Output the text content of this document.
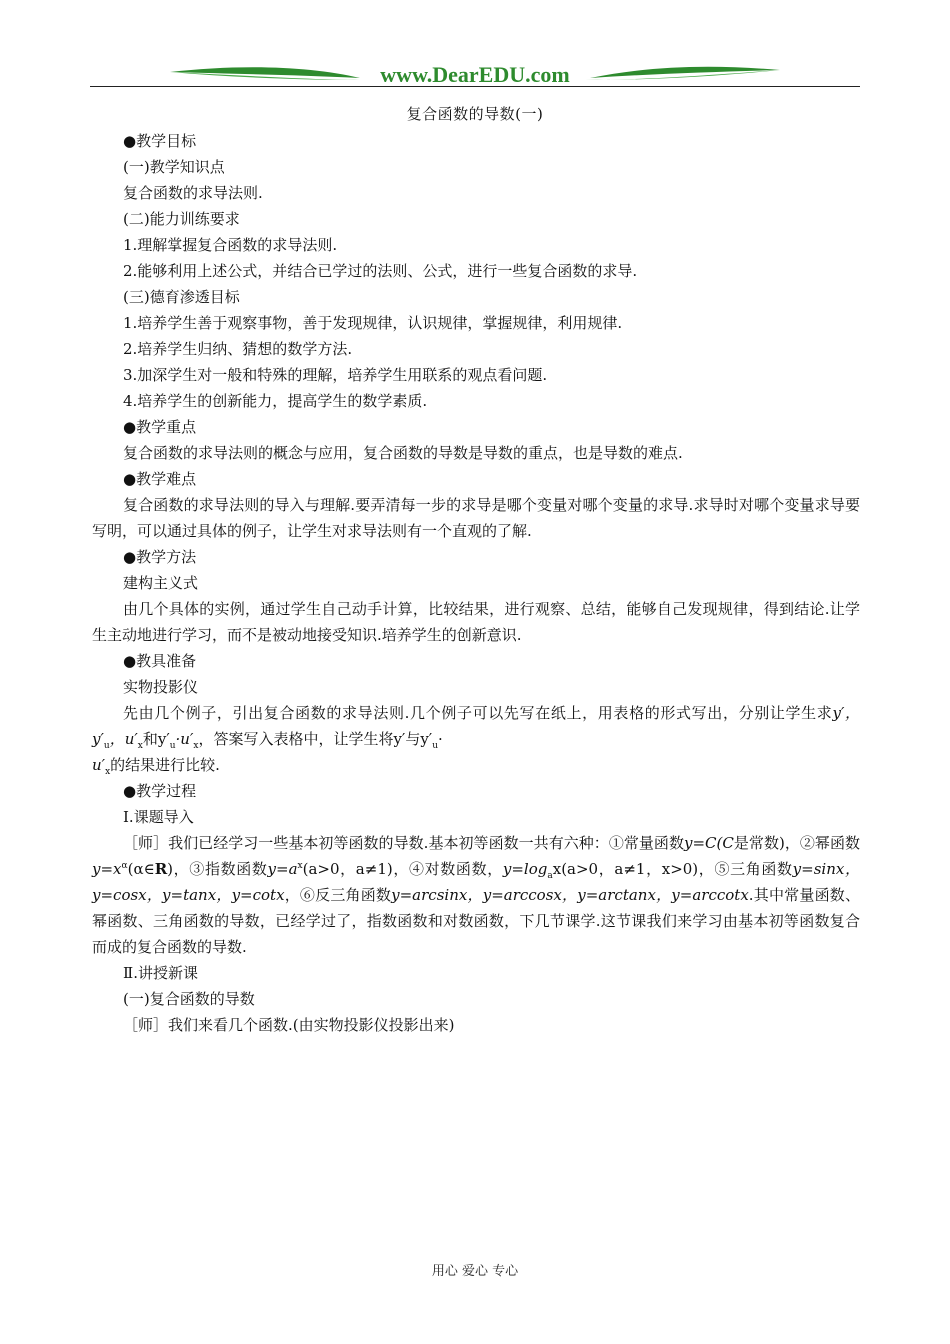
www.DearEDU.com
复合函数的导数(一)

● 教学目标

(一)教学知识点

复合函数的求导法则.

(二)能力训练要求

1.理解掌握复合函数的求导法则.

2.能够利用上述公式，并结合已学过的法则、公式，进行一些复合函数的求导.

(三)德育渗透目标

1.培养学生善于观察事物，善于发现规律，认识规律，掌握规律，利用规律.

2.培养学生归纳、猜想的数学方法.

3.加深学生对一般和特殊的理解，培养学生用联系的观点看问题.

4.培养学生的创新能力，提高学生的数学素质.

● 教学重点

复合函数的求导法则的概念与应用，复合函数的导数是导数的重点，也是导数的难点.

● 教学难点

复合函数的求导法则的导入与理解.要弄清每一步的求导是哪个变量对哪个变量的求导.求导时对哪个变量求导要写明，可以通过具体的例子，让学生对求导法则有一个直观的了解.

● 教学方法

建构主义式

由几个具体的实例，通过学生自己动手计算，比较结果，进行观察、总结，能够自己发现规律，得到结论.让学生主动地进行学习，而不是被动地接受知识.培养学生的创新意识.

● 教具准备

实物投影仪

先由几个例子，引出复合函数的求导法则.几个例子可以先写在纸上，用表格的形式写出，分别让学生求y′，$y'_u$，$u'_x$和$y'_u\cdot u'_x$，答案写入表格中，让学生将y′与$y'_u\cdot$

$u'_x$的结果进行比较.

● 教学过程

Ⅰ.课题导入

［师］我们已经学习一些基本初等函数的导数.基本初等函数一共有六种：①常量函数y=C(C是常数)，②幂函数$y=x^\alpha(\alpha\in R)$，③指数函数$y=a^x(a>0$，a≠1)，④对数函数，$y=\log_ax(a>0$，a≠1，x>0)，⑤三角函数y=sinx，y=cosx，y=tanx，y=cotx，⑥反三角函数y=arcsinx，y=arccosx，y=arctanx，y=arccotx.其中常量函数、幂函数、三角函数的导数，已经学过了，指数函数和对数函数，下几节课学.这节课我们来学习由基本初等函数复合而成的复合函数的导数.

Ⅱ.讲授新课

(一)复合函数的导数

［师］我们来看几个函数.(由实物投影仪投影出来)

用心 爱心 专心
